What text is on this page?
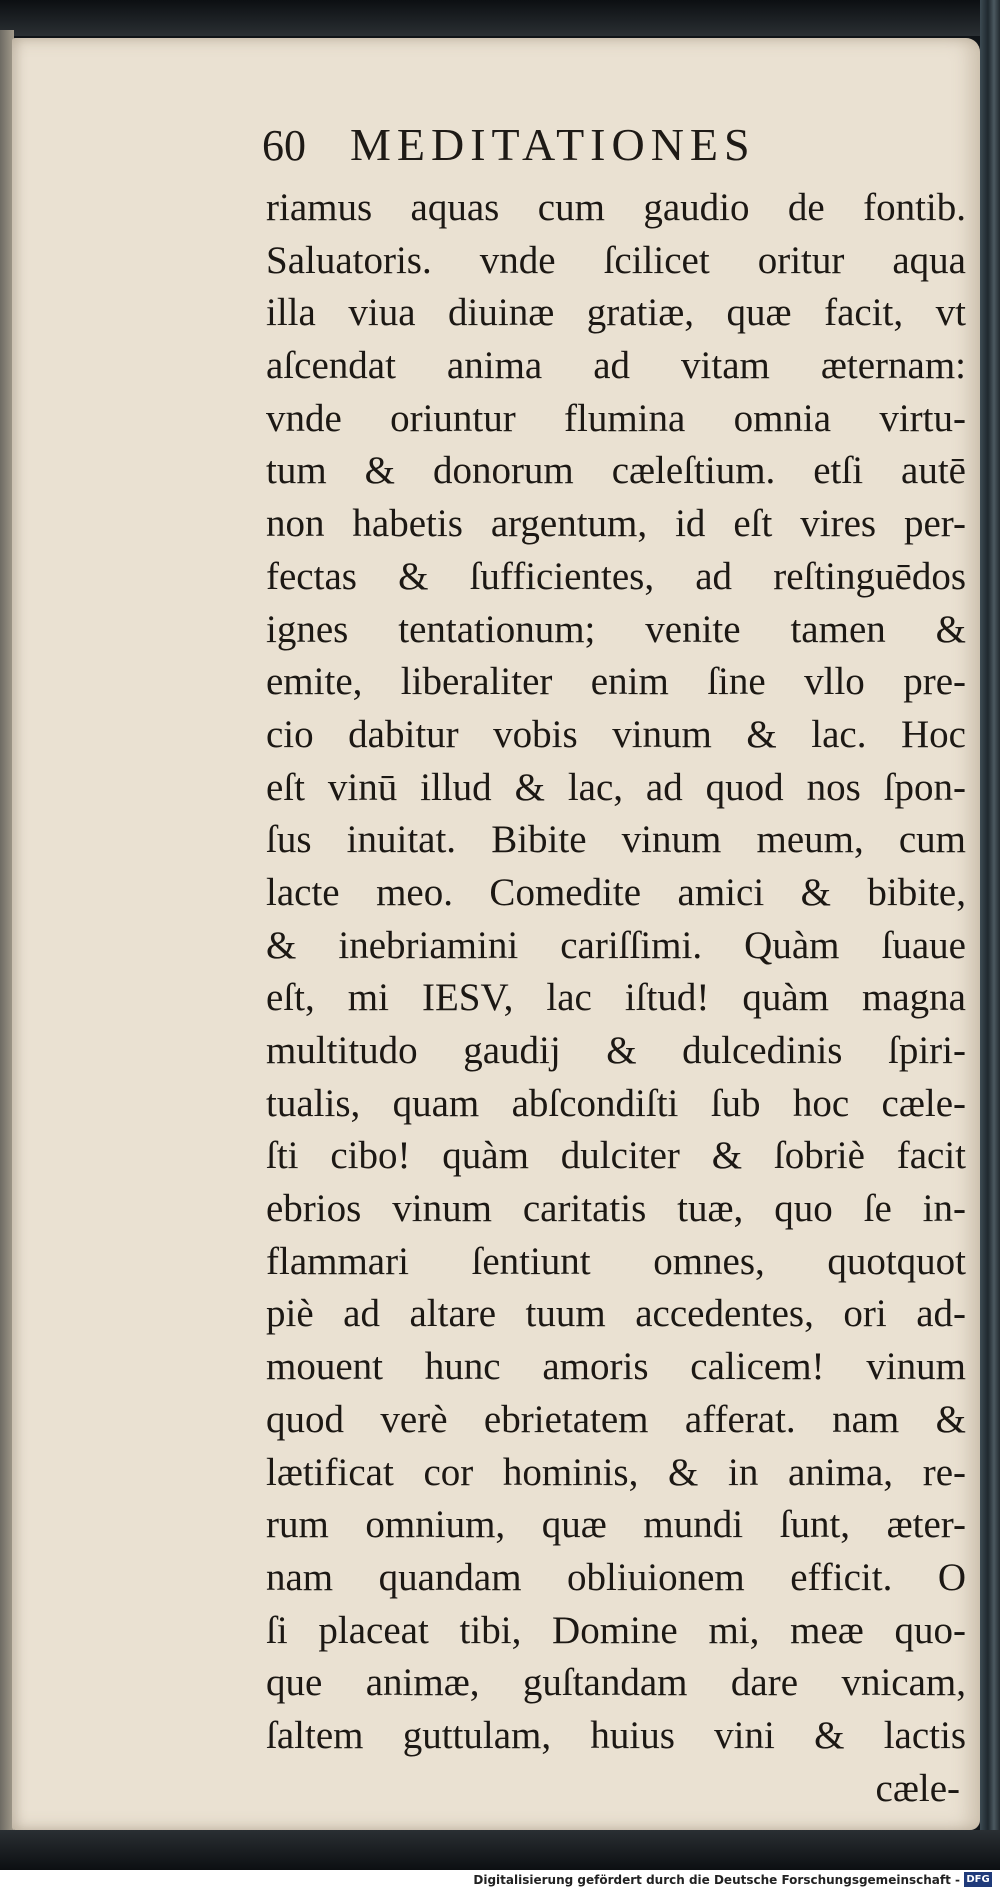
60 MEDITATIONES
riamus aquas cum gaudio de fontib.
Saluatoris. vnde ſcilicet oritur aqua
illa viua diuinæ gratiæ, quæ facit, vt
aſcendat anima ad vitam æternam:
vnde oriuntur flumina omnia virtu-
tum & donorum cæleſtium. etſi autē
non habetis argentum, id eſt vires per-
fectas & ſufficientes, ad reſtinguēdos
ignes tentationum; venite tamen &
emite, liberaliter enim ſine vllo pre-
cio dabitur vobis vinum & lac. Hoc
eſt vinū illud & lac, ad quod nos ſpon-
ſus inuitat. Bibite vinum meum, cum
lacte meo. Comedite amici & bibite,
& inebriamini cariſſimi. Quàm ſuaue
eſt, mi IESV, lac iſtud! quàm magna
multitudo gaudij & dulcedinis ſpiri-
tualis, quam abſcondiſti ſub hoc cæle-
ſti cibo! quàm dulciter & ſobriè facit
ebrios vinum caritatis tuæ, quo ſe in-
flammari ſentiunt omnes, quotquot
piè ad altare tuum accedentes, ori ad-
mouent hunc amoris calicem! vinum
quod verè ebrietatem afferat. nam &
lætificat cor hominis, & in anima, re-
rum omnium, quæ mundi ſunt, æter-
nam quandam obliuionem efficit. O
ſi placeat tibi, Domine mi, meæ quo-
que animæ, guſtandam dare vnicam,
ſaltem guttulam, huius vini & lactis
cæle-
Digitalisierung gefördert durch die Deutsche Forschungsgemeinschaft - DFG
